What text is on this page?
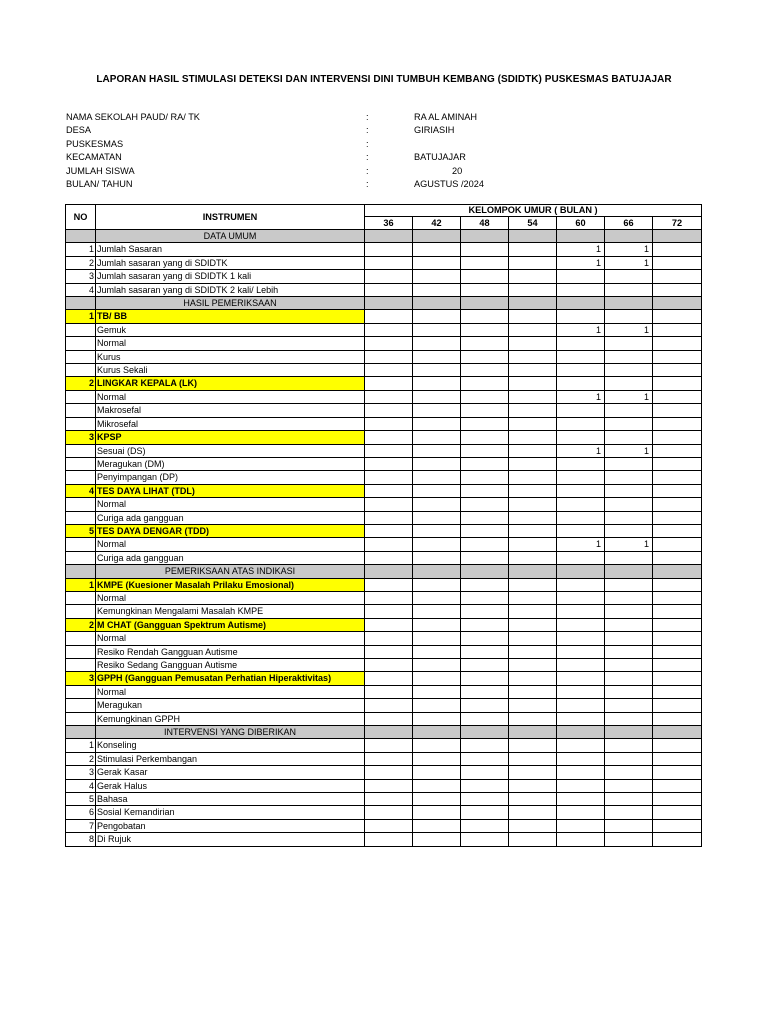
LAPORAN HASIL STIMULASI DETEKSI DAN INTERVENSI DINI TUMBUH KEMBANG (SDIDTK) PUSKESMAS BATUJAJAR
NAMA SEKOLAH PAUD/ RA/ TK	:	RA AL AMINAH
DESA	:	GIRIASIH
PUSKESMAS	:
KECAMATAN	:	BATUJAJAR
JUMLAH SISWA	:	20
BULAN/ TAHUN	:	AGUSTUS /2024
NO	INSTRUMEN	KELOMPOK UMUR ( BULAN )						
		36	42	48	54	60	66	72
	DATA UMUM							
1	Jumlah Sasaran					1	1	
2	Jumlah sasaran yang di SDIDTK					1	1	
3	Jumlah sasaran yang di SDIDTK 1 kali							
4	Jumlah sasaran yang di SDIDTK 2 kali/ Lebih							
	HASIL PEMERIKSAAN							
1	TB/ BB							
	Gemuk					1	1	
	Normal							
	Kurus							
	Kurus Sekali							
2	LINGKAR KEPALA (LK)							
	Normal					1	1	
	Makrosefal							
	Mikrosefal							
3	KPSP							
	Sesuai (DS)					1	1	
	Meragukan (DM)							
	Penyimpangan (DP)							
4	TES DAYA LIHAT (TDL)							
	Normal							
	Curiga ada gangguan							
5	TES DAYA DENGAR (TDD)							
	Normal					1	1	
	Curiga ada gangguan							
	PEMERIKSAAN ATAS INDIKASI							
1	KMPE (Kuesioner Masalah Prilaku Emosional)							
	Normal							
	Kemungkinan Mengalami Masalah KMPE							
2	M CHAT (Gangguan Spektrum Autisme)							
	Normal							
	Resiko Rendah Gangguan Autisme							
	Resiko Sedang Gangguan Autisme							
3	GPPH (Gangguan Pemusatan Perhatian Hiperaktivitas)							
	Normal							
	Meragukan							
	Kemungkinan GPPH							
	INTERVENSI YANG DIBERIKAN							
1	Konseling							
2	Stimulasi Perkembangan							
3	Gerak Kasar							
4	Gerak Halus							
5	Bahasa							
6	Sosial Kemandirian							
7	Pengobatan							
8	Di Rujuk							
